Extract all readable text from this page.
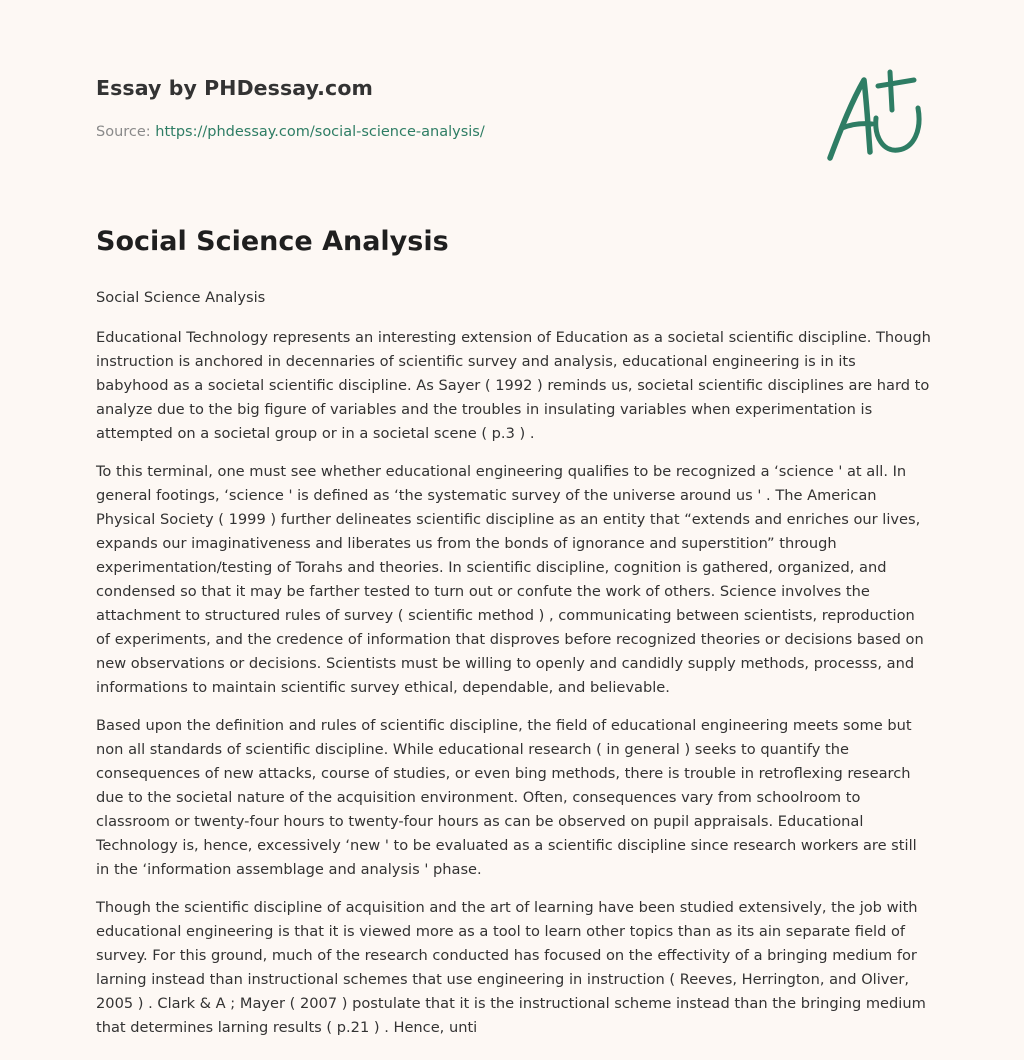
Essay by PHDessay.com
Source: https://phdessay.com/social-science-analysis/
Social Science Analysis

Social Science Analysis

Educational Technology represents an interesting extension of Education as a societal scientific discipline. Though instruction is anchored in decennaries of scientific survey and analysis, educational engineering is in its babyhood as a societal scientific discipline. As Sayer ( 1992 ) reminds us, societal scientific disciplines are hard to analyze due to the big figure of variables and the troubles in insulating variables when experimentation is attempted on a societal group or in a societal scene ( p.3 ) .

To this terminal, one must see whether educational engineering qualifies to be recognized a ‘science ' at all. In general footings, ‘science ' is defined as ‘the systematic survey of the universe around us ' . The American Physical Society ( 1999 ) further delineates scientific discipline as an entity that “extends and enriches our lives, expands our imaginativeness and liberates us from the bonds of ignorance and superstition” through experimentation/testing of Torahs and theories. In scientific discipline, cognition is gathered, organized, and condensed so that it may be farther tested to turn out or confute the work of others. Science involves the attachment to structured rules of survey ( scientific method ) , communicating between scientists, reproduction of experiments, and the credence of information that disproves before recognized theories or decisions based on new observations or decisions. Scientists must be willing to openly and candidly supply methods, processs, and informations to maintain scientific survey ethical, dependable, and believable.

Based upon the definition and rules of scientific discipline, the field of educational engineering meets some but non all standards of scientific discipline. While educational research ( in general ) seeks to quantify the consequences of new attacks, course of studies, or even bing methods, there is trouble in retroflexing research due to the societal nature of the acquisition environment. Often, consequences vary from schoolroom to classroom or twenty-four hours to twenty-four hours as can be observed on pupil appraisals. Educational Technology is, hence, excessively ‘new ' to be evaluated as a scientific discipline since research workers are still in the ‘information assemblage and analysis ' phase.

Though the scientific discipline of acquisition and the art of learning have been studied extensively, the job with educational engineering is that it is viewed more as a tool to learn other topics than as its ain separate field of survey. For this ground, much of the research conducted has focused on the effectivity of a bringing medium for larning instead than instructional schemes that use engineering in instruction ( Reeves, Herrington, and Oliver, 2005 ) . Clark & A ; Mayer ( 2007 ) postulate that it is the instructional scheme instead than the bringing medium that determines larning results ( p.21 ) . Hence, unti
